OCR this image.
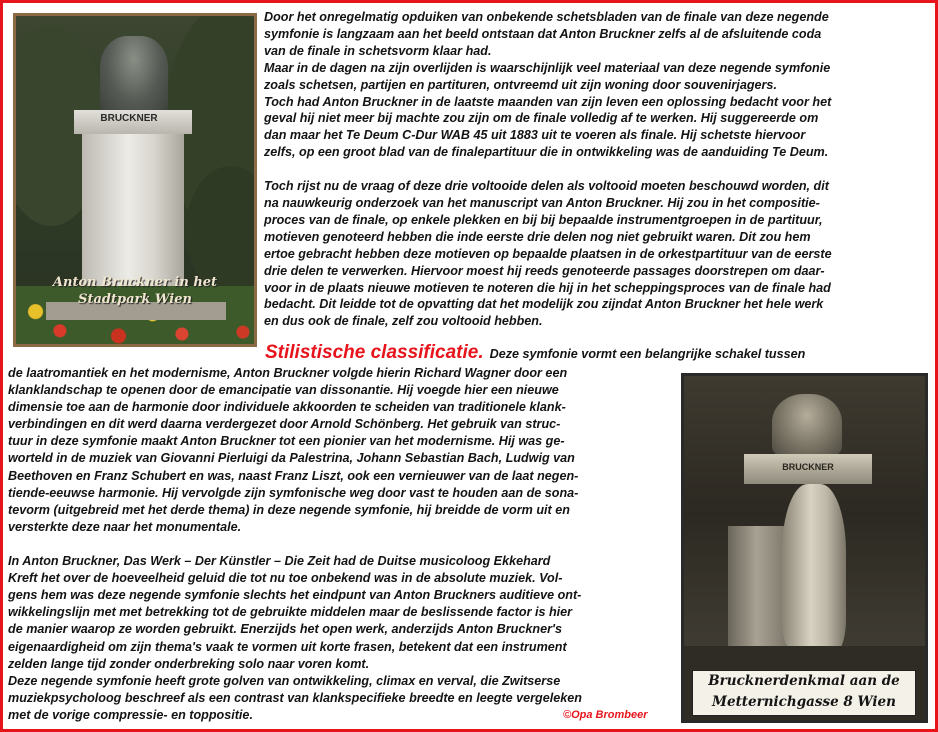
BRUCKNER
Anton Bruckner in het
Stadtpark Wien
Door het onregelmatig opduiken van onbekende schetsbladen van de finale van deze negende
symfonie is langzaam aan het beeld ontstaan dat Anton Bruckner zelfs al de afsluitende coda
van de finale in schetsvorm klaar had.
Maar in de dagen na zijn overlijden is waarschijnlijk veel materiaal van deze negende symfonie
zoals schetsen, partijen en partituren, ontvreemd uit zijn woning door souvenirjagers.
Toch had Anton Bruckner in de laatste maanden van zijn leven een oplossing bedacht voor het
geval hij niet meer bij machte zou zijn om de finale volledig af te werken. Hij suggereerde om
dan maar het Te Deum C-Dur WAB 45 uit 1883 uit te voeren als finale. Hij schetste hiervoor
zelfs, op een groot blad van de finalepartituur die in ontwikkeling was de aanduiding Te Deum.

Toch rijst nu de vraag of deze drie voltooide delen als voltooid moeten beschouwd worden, dit
na nauwkeurig onderzoek van het manuscript van Anton Bruckner. Hij zou in het compositie-
proces van de finale, op enkele plekken en bij bij bepaalde instrumentgroepen in de partituur,
motieven genoteerd hebben die inde eerste drie delen nog niet gebruikt waren. Dit zou hem
ertoe gebracht hebben deze motieven op bepaalde plaatsen in de orkestpartituur van de eerste
drie delen te verwerken. Hiervoor moest hij reeds genoteerde passages doorstrepen om daar-
voor in de plaats nieuwe motieven te noteren die hij in het scheppingsproces van de finale had
bedacht. Dit leidde tot de opvatting dat het modelijk zou zijndat Anton Bruckner het hele werk
en dus ook de finale, zelf zou voltooid hebben.
Stilistische classificatie. Deze symfonie vormt een belangrijke schakel tussen
de laatromantiek en het modernisme, Anton Bruckner volgde hierin Richard Wagner door een
klanklandschap te openen door de emancipatie van dissonantie. Hij voegde hier een nieuwe
dimensie toe aan de harmonie door individuele akkoorden te scheiden van traditionele klank-
verbindingen en dit werd daarna verdergezet door Arnold Schönberg. Het gebruik van struc-
tuur in deze symfonie maakt Anton Bruckner tot een pionier van het modernisme. Hij was ge-
worteld in de muziek van Giovanni Pierluigi da Palestrina, Johann Sebastian Bach, Ludwig van
Beethoven en Franz Schubert en was, naast Franz Liszt, ook een vernieuwer van de laat negen-
tiende-eeuwse harmonie. Hij vervolgde zijn symfonische weg door vast te houden aan de sona-
tevorm (uitgebreid met het derde thema) in deze negende symfonie, hij breidde de vorm uit en
versterkte deze naar het monumentale.

In Anton Bruckner, Das Werk – Der Künstler – Die Zeit had de Duitse musicoloog Ekkehard
Kreft het over de hoeveelheid geluid die tot nu toe onbekend was in de absolute muziek. Vol-
gens hem was deze negende symfonie slechts het eindpunt van Anton Bruckners auditieve ont-
wikkelingslijn met met betrekking tot de gebruikte middelen maar de beslissende factor is hier
de manier waarop ze worden gebruikt. Enerzijds het open werk, anderzijds Anton Bruckner's
eigenaardigheid om zijn thema's vaak te vormen uit korte frasen, betekent dat een instrument
zelden lange tijd zonder onderbreking solo naar voren komt.
Deze negende symfonie heeft grote golven van ontwikkeling, climax en verval, die Zwitserse
muziekpsycholoog beschreef als een contrast van klankspecifieke breedte en leegte vergeleken
met de vorige compressie- en toppositie.
BRUCKNER
Brucknerdenkmal aan de
Metternichgasse 8 Wien
©Opa Brombeer
